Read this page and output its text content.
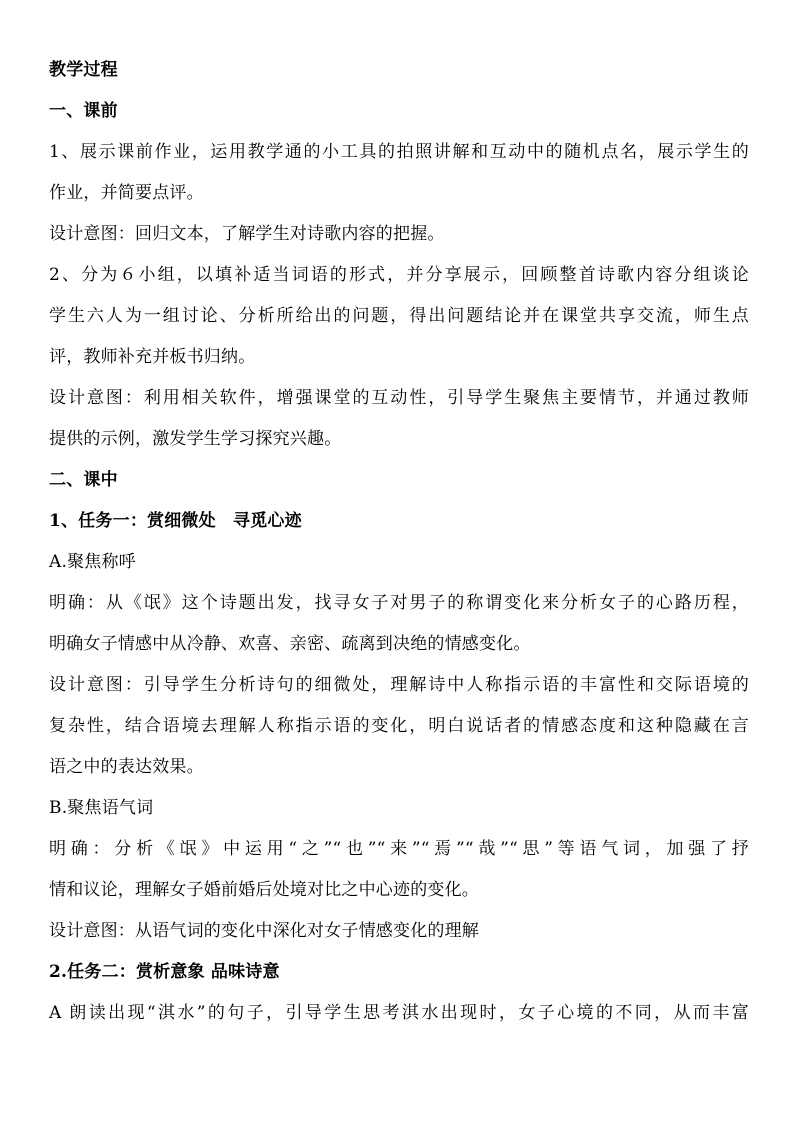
教学过程
一、课前
1、展示课前作业，运用教学通的小工具的拍照讲解和互动中的随机点名，展示学生的
作业，并简要点评。
设计意图：回归文本，了解学生对诗歌内容的把握。
2、分为６小组，以填补适当词语的形式，并分享展示，回顾整首诗歌内容分组谈论
学生六人为一组讨论、分析所给出的问题，得出问题结论并在课堂共享交流，师生点
评，教师补充并板书归纳。
设计意图：利用相关软件，增强课堂的互动性，引导学生聚焦主要情节，并通过教师
提供的示例，激发学生学习探究兴趣。
二、课中
1、任务一：赏细微处　寻觅心迹
A.聚焦称呼
明确：从《氓》这个诗题出发，找寻女子对男子的称谓变化来分析女子的心路历程，
明确女子情感中从冷静、欢喜、亲密、疏离到决绝的情感变化。
设计意图：引导学生分析诗句的细微处，理解诗中人称指示语的丰富性和交际语境的
复杂性，结合语境去理解人称指示语的变化，明白说话者的情感态度和这种隐藏在言
语之中的表达效果。
B.聚焦语气词
明确：分析《氓》中运用“之”“也”“来”“焉”“哉”“思”等语气词，加强了抒
情和议论，理解女子婚前婚后处境对比之中心迹的变化。
设计意图：从语气词的变化中深化对女子情感变化的理解
2.任务二：赏析意象 品味诗意
A 朗读出现“淇水”的句子，引导学生思考淇水出现时，女子心境的不同，从而丰富
